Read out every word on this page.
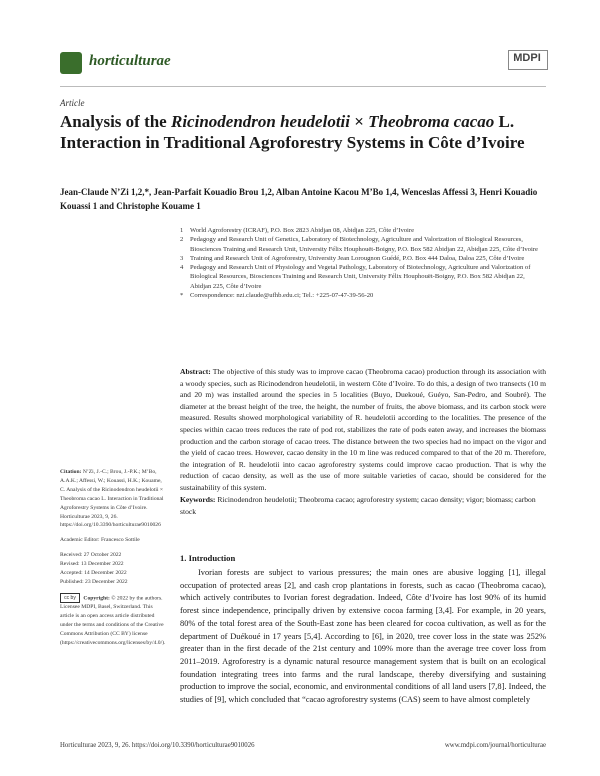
horticulturae	MDPI
Article
Analysis of the Ricinodendron heudelotii × Theobroma cacao L. Interaction in Traditional Agroforestry Systems in Côte d’Ivoire
Jean-Claude N’Zi 1,2,*, Jean-Parfait Kouadio Brou 1,2, Alban Antoine Kacou M’Bo 1,4, Wenceslas Affessi 3, Henri Kouadio Kouassi 1 and Christophe Kouame 1
1	World Agroforestry (ICRAF), P.O. Box 2823 Abidjan 08, Abidjan 225, Côte d’Ivoire
2	Pedagogy and Research Unit of Genetics, Laboratory of Biotechnology, Agriculture and Valorization of Biological Resources, Biosciences Training and Research Unit, University Félix Houphouët-Boigny, P.O. Box 582 Abidjan 22, Abidjan 225, Côte d’Ivoire
3	Training and Research Unit of Agroforestry, University Jean Lorougnon Guédé, P.O. Box 444 Daloa, Daloa 225, Côte d’Ivoire
4	Pedagogy and Research Unit of Physiology and Vegetal Pathology, Laboratory of Biotechnology, Agriculture and Valorization of Biological Resources, Biosciences Training and Research Unit, University Félix Houphouët-Boigny, P.O. Box 582 Abidjan 22, Abidjan 225, Côte d’Ivoire
*	Correspondence: nzi.claude@ufhb.edu.ci; Tel.: +225-07-47-39-56-20
Abstract: The objective of this study was to improve cacao (Theobroma cacao) production through its association with a woody species, such as Ricinodendron heudelotii, in western Côte d’Ivoire. To do this, a design of two transects (10 m and 20 m) was installed around the species in 5 localities (Buyo, Duekoué, Guéyo, San-Pedro, and Soubré). The diameter at the breast height of the tree, the height, the number of fruits, the above biomass, and its carbon stock were measured. Results showed morphological variability of R. heudelotii according to the localities. The presence of the species within cacao trees reduces the rate of pod rot, stabilizes the rate of pods eaten away, and increases the biomass production and the carbon storage of cacao trees. The distance between the two species had no impact on the vigor and the yield of cacao trees. However, cacao density in the 10 m line was reduced compared to that of the 20 m. Therefore, the integration of R. heudelotii into cacao agroforestry systems could improve cacao production. That is why the reduction of cacao density, as well as the use of more suitable varieties of cacao, should be considered for the sustainability of this system.
Keywords: Ricinodendron heudelotii; Theobroma cacao; agroforestry system; cacao density; vigor; biomass; carbon stock
Citation: N’Zi, J.-C.; Brou, J.-P.K.; M’Bo, A.A.K.; Affessi, W.; Kouassi, H.K.; Kouame, C. Analysis of the Ricinodendron heudelotii × Theobroma cacao L. Interaction in Traditional Agroforestry Systems in Côte d’Ivoire. Horticulturae 2023, 9, 26. https://doi.org/10.3390/horticulturae9010026
Academic Editor: Francesco Sottile
Received: 27 October 2022
Revised: 13 December 2022
Accepted: 14 December 2022
Published: 23 December 2022
cc by Copyright: © 2022 by the authors. Licensee MDPI, Basel, Switzerland. This article is an open access article distributed under the terms and conditions of the Creative Commons Attribution (CC BY) license (https://creativecommons.org/licenses/by/4.0/).
1. Introduction

Ivorian forests are subject to various pressures; the main ones are abusive logging [1], illegal occupation of protected areas [2], and cash crop plantations in forests, such as cacao (Theobroma cacao), which actively contributes to Ivorian forest degradation. Indeed, Côte d’Ivoire has lost 90% of its humid forest since independence, principally driven by extensive cocoa farming [3,4]. For example, in 20 years, 80% of the total forest area of the South-East zone has been cleared for cocoa cultivation, as well as for the department of Duékoué in 17 years [5,4]. According to [6], in 2020, tree cover loss in the state was 252% greater than in the first decade of the 21st century and 109% more than the average tree cover loss from 2011–2019. Agroforestry is a dynamic natural resource management system that is built on an ecological foundation integrating trees into farms and the rural landscape, thereby diversifying and sustaining production to improve the social, economic, and environmental conditions of all land users [7,8]. Indeed, the studies of [9], which concluded that “cacao agroforestry systems (CAS) seem to have almost completely

Horticulturae 2023, 9, 26. https://doi.org/10.3390/horticulturae9010026	www.mdpi.com/journal/horticulturae
